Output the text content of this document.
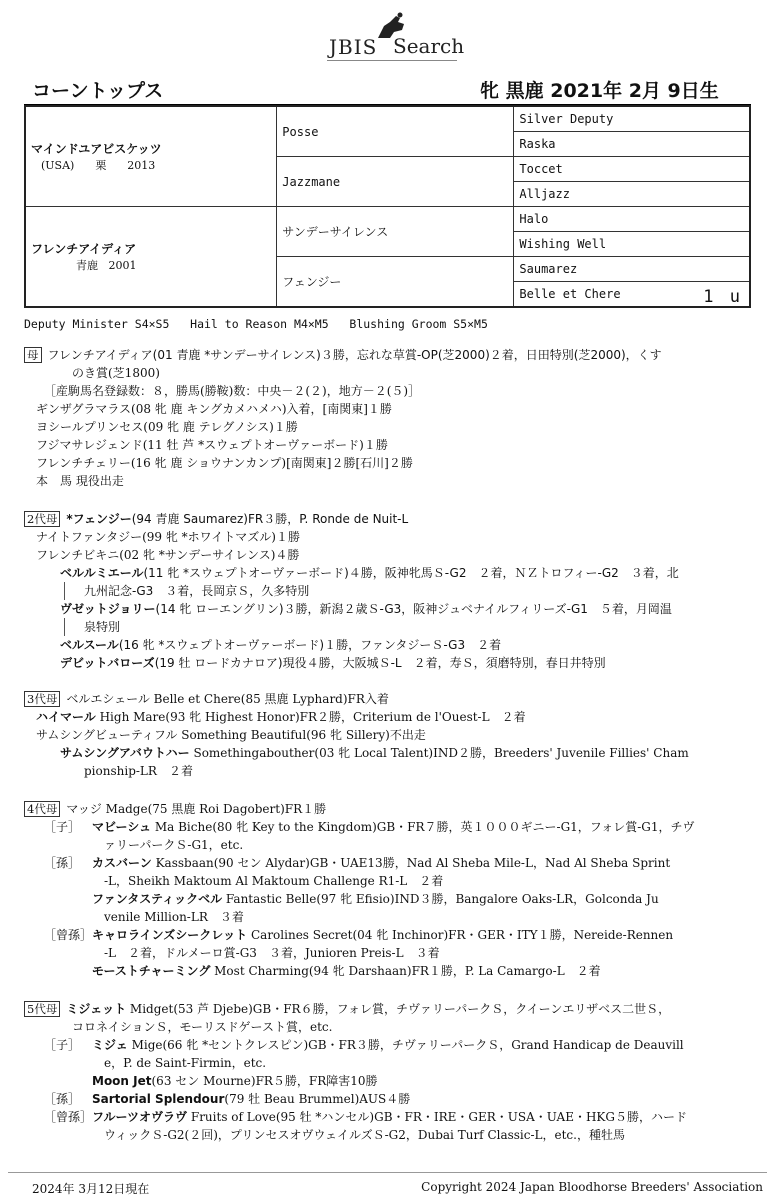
JBIS Search
コーントップス	牝 黒鹿 2021年 2月 9日生
マインドユアビスケッツ
(USA)      栗      2013	Posse	Silver Deputy
		Raska
	Jazzmane	Toccet
		Alljazz

フレンチアイディア
青鹿   2001	サンデーサイレンス	Halo
		Wishing Well
	フェンジー	Saumarez
		Belle et Chere 1 u
Deputy Minister S4×S5   Hail to Reason M4×M5   Blushing Groom S5×M5
母 フレンチアイディア(01 青鹿 *サンデーサイレンス)３勝，忘れな草賞-OP(芝2000)２着，日田特別(芝2000)，くす
のき賞(芝1800)
［産駒馬名登録数：８，勝馬(勝鞍)数：中央－２(２)，地方－２(５)］
ギンザグラマラス(08 牝 鹿 キングカメハメハ)入着，[南関東]１勝
ヨシールプリンセス(09 牝 鹿 テレグノシス)１勝
フジマサレジェンド(11 牡 芦 *スウェプトオーヴァーボード)１勝
フレンチチェリー(16 牝 鹿 ショウナンカンプ)[南関東]２勝[石川]２勝
本　馬 現役出走
2代母 *フェンジー(94 青鹿 Saumarez)FR３勝，P. Ronde de Nuit-L
ナイトファンタジー(99 牝 *ホワイトマズル)１勝
フレンチビキニ(02 牝 *サンデーサイレンス)４勝
ベルルミエール(11 牝 *スウェプトオーヴァーボード)４勝，阪神牝馬Ｓ-G2　２着，ＮＺトロフィー-G2　３着，北
九州記念-G3　３着，長岡京Ｓ，久多特別
ヴゼットジョリー(14 牝 ローエングリン)３勝，新潟２歳Ｓ-G3，阪神ジュベナイルフィリーズ-G1　５着，月岡温
泉特別
ベルスール(16 牝 *スウェプトオーヴァーボード)１勝，ファンタジーＳ-G3　２着
デビットバローズ(19 牡 ロードカナロア)現役４勝，大阪城Ｓ-L　２着，寿Ｓ，須磨特別，春日井特別
3代母 ベルエシェール Belle et Chere(85 黒鹿 Lyphard)FR入着
ハイマール High Mare(93 牝 Highest Honor)FR２勝，Criterium de l'Ouest-L　２着
サムシングビューティフル Something Beautiful(96 牝 Sillery)不出走
サムシングアバウトハー Somethingabouther(03 牝 Local Talent)IND２勝，Breeders' Juvenile Fillies' Cham
pionship-LR　２着
4代母 マッジ Madge(75 黒鹿 Roi Dagobert)FR１勝
［子］ マビーシュ Ma Biche(80 牝 Key to the Kingdom)GB・FR７勝，英１０００ギニー-G1，フォレ賞-G1，チヴ
ァリーパークＳ-G1，etc.
［孫］ カスバーン Kassbaan(90 セン Alydar)GB・UAE13勝，Nad Al Sheba Mile-L，Nad Al Sheba Sprint
-L，Sheikh Maktoum Al Maktoum Challenge R1-L　２着
ファンタスティックベル Fantastic Belle(97 牝 Efisio)IND３勝，Bangalore Oaks-LR，Golconda Ju
venile Million-LR　３着
［曾孫］キャロラインズシークレット Carolines Secret(04 牝 Inchinor)FR・GER・ITY１勝，Nereide-Rennen
-L　２着，ドルメーロ賞-G3　３着，Junioren Preis-L　３着
モーストチャーミング Most Charming(94 牝 Darshaan)FR１勝，P. La Camargo-L　２着
5代母 ミジェット Midget(53 芦 Djebe)GB・FR６勝，フォレ賞，チヴァリーパークＳ，クイーンエリザベス二世Ｓ，
コロネイションＳ，モーリスドゲースト賞，etc.
［子］ ミジェ Mige(66 牝 *セントクレスピン)GB・FR３勝，チヴァリーパークＳ，Grand Handicap de Deauvill
e，P. de Saint-Firmin，etc.
Moon Jet(63 セン Mourne)FR５勝，FR障害10勝
［孫］ Sartorial Splendour(79 牡 Beau Brummel)AUS４勝
［曾孫］フルーツオヴラヴ Fruits of Love(95 牡 *ハンセル)GB・FR・IRE・GER・USA・UAE・HKG５勝，ハード
ウィックＳ-G2(２回)，プリンセスオヴウェイルズＳ-G2，Dubai Turf Classic-L，etc.，種牡馬
2024年 3月12日現在	Copyright 2024 Japan Bloodhorse Breeders' Association
